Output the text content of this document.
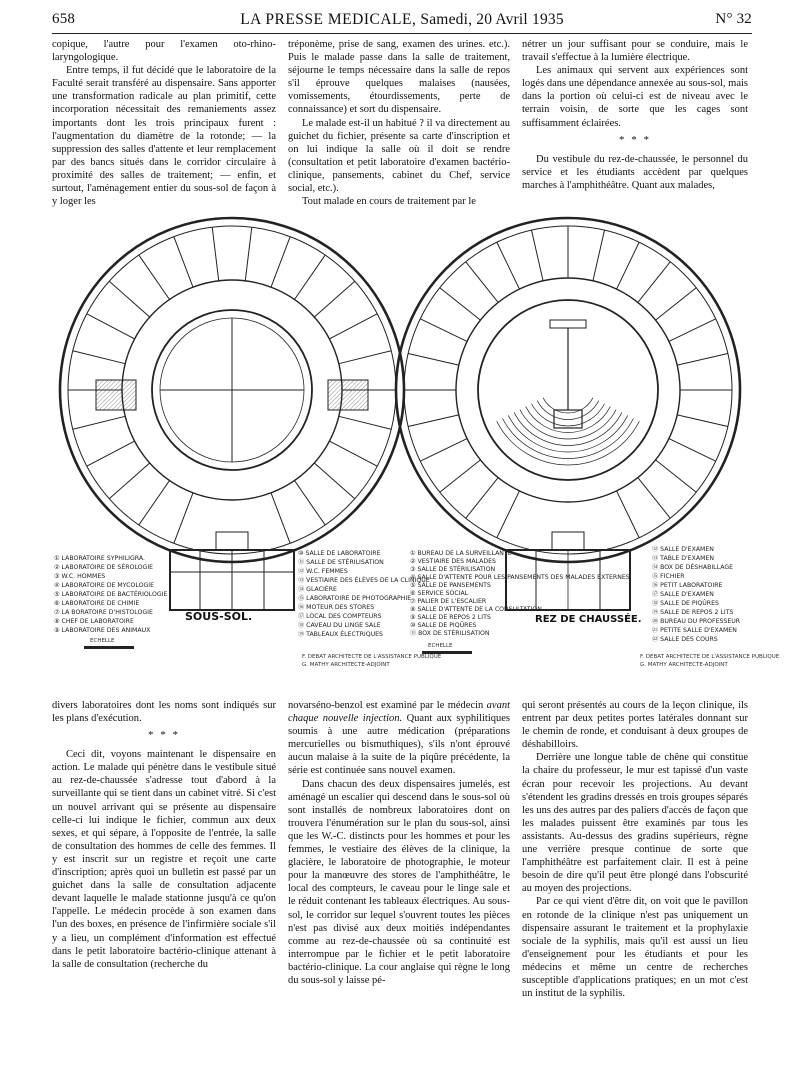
658	LA PRESSE MEDICALE, Samedi, 20 Avril 1935	N° 32

copique, l'autre pour l'examen oto-rhino-laryngologique.

Entre temps, il fut décidé que le laboratoire de la Faculté serait transféré au dispensaire. Sans apporter une transformation radicale au plan primitif, cette incorporation nécessitait des remaniements assez importants dont les trois principaux furent : l'augmentation du diamètre de la rotonde; — la suppression des salles d'attente et leur remplacement par des bancs situés dans le corridor circulaire à proximité des salles de traitement; — enfin, et surtout, l'aménagement entier du sous-sol de façon à y loger les

tréponème, prise de sang, examen des urines. etc.). Puis le malade passe dans la salle de traitement, séjourne le temps nécessaire dans la salle de repos s'il éprouve quelques malaises (nausées, vomissements, étourdissements, perte de connaissance) et sort du dispensaire.

Le malade est-il un habitué ? il va directement au guichet du fichier, présente sa carte d'inscription et on lui indique la salle où il doit se rendre (consultation et petit laboratoire d'examen bactério-clinique, pansements, cabinet du Chef, service social, etc.).

Tout malade en cours de traitement par le

nétrer un jour suffisant pour se conduire, mais le travail s'effectue à la lumière électrique.

Les animaux qui servent aux expériences sont logés dans une dépendance annexée au sous-sol, mais dans la portion où celui-ci est de niveau avec le terrain voisin, de sorte que les cages sont suffisamment éclairées.

* * *

Du vestibule du rez-de-chaussée, le personnel du service et les étudiants accèdent par quelques marches à l'amphithéâtre. Quant aux malades,

① LABORATOIRE SYPHILIGRA.
② LABORATOIRE DE SÉROLOGIE
③ W.C. HOMMES
④ LABORATOIRE DE MYCOLOGIE
⑤ LABORATOIRE DE BACTÉRIOLOGIE
⑥ LABORATOIRE DE CHIMIE
⑦ LA BORATOIRE D'HISTOLOGIE
⑧ CHEF DE LABORATOIRE
⑨ LABORATOIRE DES ANIMAUX
⑩ SALLE DE LABORATOIRE
⑪ SALLE DE STÉRILISATION
⑫ W.C. FEMMES
⑬ VESTIAIRE DES ÉLÈVES DE LA CLINIQUE
⑭ GLACIÈRE
⑮ LABORATOIRE DE PHOTOGRAPHIE
⑯ MOTEUR DES STORES
⑰ LOCAL DES COMPTEURS
⑱ CAVEAU DU LINGE SALE
⑲ TABLEAUX ÉLECTRIQUES
SOUS-SOL.
ECHELLE
F. DEBAT ARCHITECTE DE L'ASSISTANCE PUBLIQUE
G. MATHY ARCHITECTE-ADJOINT
① BUREAU DE LA SURVEILLANTE
② VESTIAIRE DES MALADES
③ SALLE DE STÉRILISATION
④ SALLE D'ATTENTE POUR LES PANSEMENTS DES MALADES EXTERNES
⑤ SALLE DE PANSEMENTS
⑥ SERVICE SOCIAL
⑦ PALIER DE L'ESCALIER
⑧ SALLE D'ATTENTE DE LA CONSULTATION
⑨ SALLE DE REPOS 2 LITS
⑩ SALLE DE PIQÛRES
⑪ BOX DE STÉRILISATION
⑫ SALLE D'EXAMEN
⑬ TABLE D'EXAMEN
⑭ BOX DE DÉSHABILLAGE
⑮ FICHIER
⑯ PETIT LABORATOIRE
⑰ SALLE D'EXAMEN
⑱ SALLE DE PIQÛRES
⑲ SALLE DE REPOS 2 LITS
⑳ BUREAU DU PROFESSEUR
㉑ PETITE SALLE D'EXAMEN
㉒ SALLE DES COURS
REZ DE CHAUSSÉE.
ECHELLE
F. DEBAT ARCHITECTE DE L'ASSISTANCE PUBLIQUE
G. MATHY ARCHITECTE-ADJOINT

divers laboratoires dont les noms sont indiqués sur les plans d'exécution.

* * *

Ceci dit, voyons maintenant le dispensaire en action. Le malade qui pénètre dans le vestibule situé au rez-de-chaussée s'adresse tout d'abord à la surveillante qui se tient dans un cabinet vitré. Si c'est un nouvel arrivant qui se présente au dispensaire celle-ci lui indique le fichier, commun aux deux sexes, et qui sépare, à l'opposite de l'entrée, la salle de consultation des hommes de celle des femmes. Il y est inscrit sur un registre et reçoit une carte d'inscription; après quoi un bulletin est passé par un guichet dans la salle de consultation adjacente devant laquelle le malade stationne jusqu'à ce qu'on l'appelle. Le médecin procède à son examen dans l'un des boxes, en présence de l'infirmière sociale s'il y a lieu, un complément d'information est effectué dans le petit laboratoire bactério-clinique attenant à la salle de consultation (recherche du

novarséno-benzol est examiné par le médecin avant chaque nouvelle injection. Quant aux syphilitiques soumis à une autre médication (préparations mercurielles ou bismuthiques), s'ils n'ont éprouvé aucun malaise à la suite de la piqûre précédente, la série est continuée sans nouvel examen.

Dans chacun des deux dispensaires jumelés, est aménagé un escalier qui descend dans le sous-sol où sont installés de nombreux laboratoires dont on trouvera l'énumération sur le plan du sous-sol, ainsi que les W.-C. distincts pour les hommes et pour les femmes, le vestiaire des élèves de la clinique, la glacière, le laboratoire de photographie, le moteur pour la manœuvre des stores de l'amphithéâtre, le local des compteurs, le caveau pour le linge sale et le réduit contenant les tableaux électriques. Au sous-sol, le corridor sur lequel s'ouvrent toutes les pièces n'est pas divisé aux deux moitiés indépendantes comme au rez-de-chaussée où sa continuité est interrompue par le fichier et le petit laboratoire bactério-clinique. La cour anglaise qui règne le long du sous-sol y laisse pé-

qui seront présentés au cours de la leçon clinique, ils entrent par deux petites portes latérales donnant sur le chemin de ronde, et conduisant à deux groupes de déshabilloirs.

Derrière une longue table de chêne qui constitue la chaire du professeur, le mur est tapissé d'un vaste écran pour recevoir les projections. Au devant s'étendent les gradins dressés en trois groupes séparés les uns des autres par des paliers d'accès de façon que les malades puissent être examinés par tous les assistants. Au-dessus des gradins supérieurs, règne une verrière presque continue de sorte que l'amphithéâtre est parfaitement clair. Il est à peine besoin de dire qu'il peut être plongé dans l'obscurité au moyen des projections.

Par ce qui vient d'être dit, on voit que le pavillon en rotonde de la clinique n'est pas uniquement un dispensaire assurant le traitement et la prophylaxie sociale de la syphilis, mais qu'il est aussi un lieu d'enseignement pour les étudiants et pour les médecins et même un centre de recherches susceptible d'applications pratiques; en un mot c'est un institut de la syphilis.
